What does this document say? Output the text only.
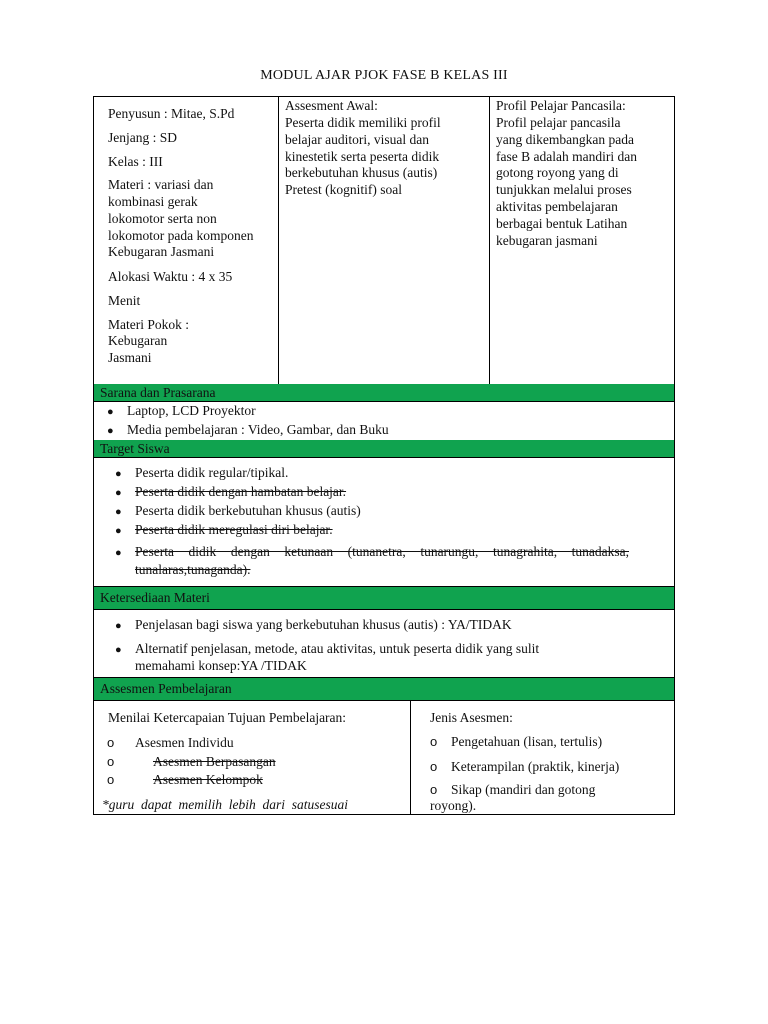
MODUL AJAR PJOK FASE B KELAS III
Penyusun : Mitae, S.Pd
Jenjang : SD
Kelas : III
Materi : variasi dan
kombinasi gerak
lokomotor serta non
lokomotor pada komponen
Kebugaran Jasmani
Alokasi Waktu : 4 x 35
Menit
Materi Pokok :
Kebugaran
Jasmani
Assesment Awal:
Peserta didik memiliki profil
belajar auditori, visual dan
kinestetik serta peserta didik
berkebutuhan khusus (autis)
Pretest (kognitif) soal
Profil Pelajar Pancasila:
Profil pelajar pancasila
yang dikembangkan pada
fase B adalah mandiri dan
gotong royong yang di
tunjukkan melalui proses
aktivitas pembelajaran
berbagai bentuk Latihan
kebugaran jasmani
Sarana dan Prasarana
● Laptop, LCD Proyektor
● Media pembelajaran : Video, Gambar, dan Buku
Target Siswa
● Peserta didik regular/tipikal.
● Peserta didik dengan hambatan belajar.
● Peserta didik berkebutuhan khusus (autis)
● Peserta didik meregulasi diri belajar.
● Peserta didik dengan ketunaan (tunanetra, tunarungu, tunagrahita, tunadaksa,
tunalaras,tunaganda).
Ketersediaan Materi
● Penjelasan bagi siswa yang berkebutuhan khusus (autis) : YA/TIDAK
● Alternatif penjelasan, metode, atau aktivitas, untuk peserta didik yang sulit
memahami konsep:YA /TIDAK
Assesmen Pembelajaran
Menilai Ketercapaian Tujuan Pembelajaran:
o Asesmen Individu
o	Asesmen Berpasangan
o	Asesmen Kelompok
*guru  dapat  memilih  lebih  dari  satusesuai
Jenis Asesmen:
o Pengetahuan (lisan, tertulis)
o Keterampilan (praktik, kinerja)
o Sikap (mandiri dan gotong
royong).
